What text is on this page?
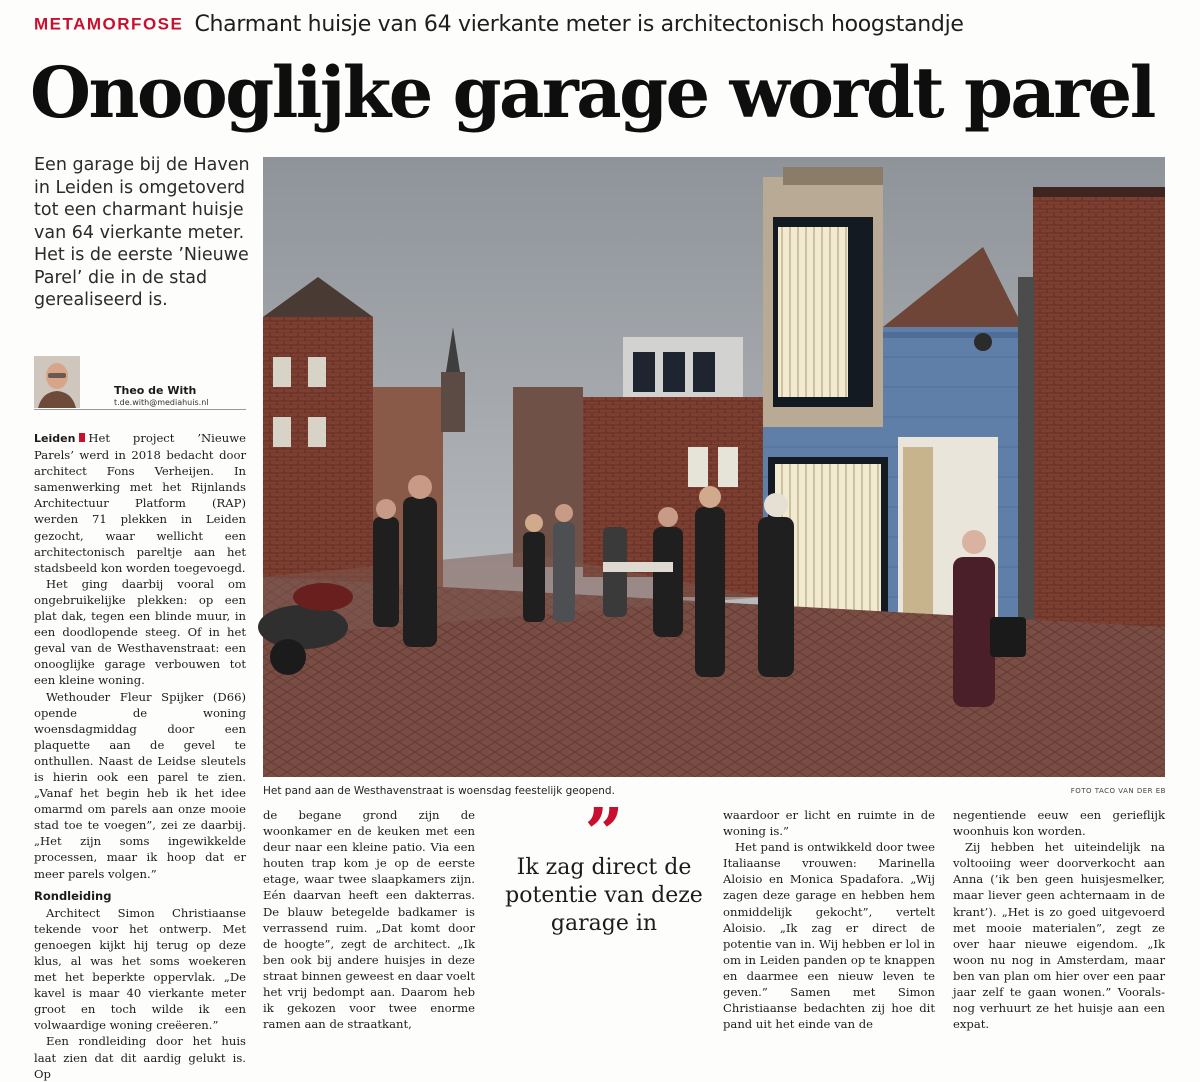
METAMORFOSE Charmant huisje van 64 vierkante meter is architectonisch hoogstandje
Onooglijke garage wordt parel
Een garage bij de Haven in Leiden is omgetoverd tot een charmant huisje van 64 vierkante meter. Het is de eerste ’Nieuwe Parel’ die in de stad gerealiseerd is.
Theo de With
t.de.with@mediahuis.nl

Leiden Het project ’Nieuwe Parels’ werd in 2018 bedacht door architect Fons Verheijen. In samenwerking met het Rijnlands Architectuur Platform (RAP) werden 71 plekken in Leiden gezocht, waar wellicht een architectonisch pareltje aan het stadsbeeld kon worden toegevoegd.

Het ging daarbij vooral om ongebruikelijke plekken: op een plat dak, tegen een blinde muur, in een doodlopende steeg. Of in het geval van de Westhavenstraat: een onooglijke garage verbouwen tot een kleine woning.

Wethouder Fleur Spijker (D66) opende de woning woensdagmiddag door een plaquette aan de gevel te onthullen. Naast de Leidse sleutels is hierin ook een parel te zien. „Vanaf het begin heb ik het idee omarmd om parels aan onze mooie stad toe te voegen”, zei ze daarbij. „Het zijn soms ingewikkelde processen, maar ik hoop dat er meer parels volgen.”

Rondleiding

Architect Simon Christiaanse tekende voor het ontwerp. Met genoegen kijkt hij terug op deze klus, al was het soms woekeren met het beperkte oppervlak. „De kavel is maar 40 vierkante meter groot en toch wilde ik een volwaardige woning creëeren.”

Een rondleiding door het huis laat zien dat dit aardig gelukt is. Op

Het pand aan de Westhavenstraat is woensdag feestelijk geopend.	FOTO TACO VAN DER EB

de begane grond zijn de woonkamer en de keuken met een deur naar een kleine patio. Via een houten trap kom je op de eerste etage, waar twee slaapkamers zijn. Eén daarvan heeft een dakterras. De blauw betegelde badkamer is verrassend ruim. „Dat komt door de hoogte”, zegt de architect. „Ik ben ook bij andere huisjes in deze straat binnen geweest en daar voelt het vrij bedompt aan. Daarom heb ik gekozen voor twee enorme ramen aan de straatkant,

”
Ik zag direct de potentie van deze garage in

waardoor er licht en ruimte in de woning is.”

Het pand is ontwikkeld door twee Italiaanse vrouwen: Marinella Aloisio en Monica Spadafora. „Wij zagen deze garage en hebben hem onmiddelijk gekocht”, vertelt Aloisio. „Ik zag er direct de potentie van in. Wij hebben er lol in om in Leiden panden op te knappen en daarmee een nieuw leven te geven.” Samen met Simon Christiaanse bedachten zij hoe dit pand uit het einde van de

negentiende eeuw een gerieflijk woonhuis kon worden.

Zij hebben het uiteindelijk na voltooiing weer doorverkocht aan Anna (’ik ben geen huisjesmelker, maar liever geen achternaam in de krant’). „Het is zo goed uitgevoerd met mooie materialen”, zegt ze over haar nieuwe eigendom. „Ik woon nu nog in Amsterdam, maar ben van plan om hier over een paar jaar zelf te gaan wonen.” Vooralsnog verhuurt ze het huisje aan een expat.
